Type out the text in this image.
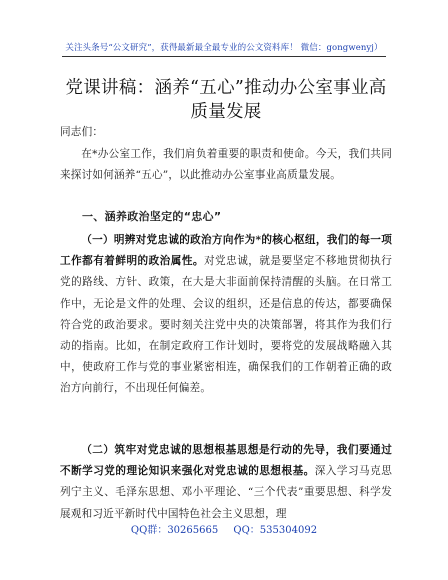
关注头条号“公文研究”，获得最新最全最专业的公文资料库！ 微信：gongwenyj）
党课讲稿：涵养“五心”推动办公室事业高质量发展
同志们：
在*办公室工作，我们肩负着重要的职责和使命。今天，我们共同来探讨如何涵养“五心”，以此推动办公室事业高质量发展。
一、涵养政治坚定的“忠心”
（一）明辨对党忠诚的政治方向作为*的核心枢纽，我们的每一项工作都有着鲜明的政治属性。对党忠诚，就是要坚定不移地贯彻执行党的路线、方针、政策，在大是大非面前保持清醒的头脑。在日常工作中，无论是文件的处理、会议的组织，还是信息的传达，都要确保符合党的政治要求。要时刻关注党中央的决策部署，将其作为我们行动的指南。比如，在制定政府工作计划时，要将党的发展战略融入其中，使政府工作与党的事业紧密相连，确保我们的工作朝着正确的政治方向前行，不出现任何偏差。
（二）筑牢对党忠诚的思想根基思想是行动的先导，我们要通过不断学习党的理论知识来强化对党忠诚的思想根基。深入学习马克思列宁主义、毛泽东思想、邓小平理论、“三个代表”重要思想、科学发展观和习近平新时代中国特色社会主义思想，理
QQ群：30265665 QQ：535304092
